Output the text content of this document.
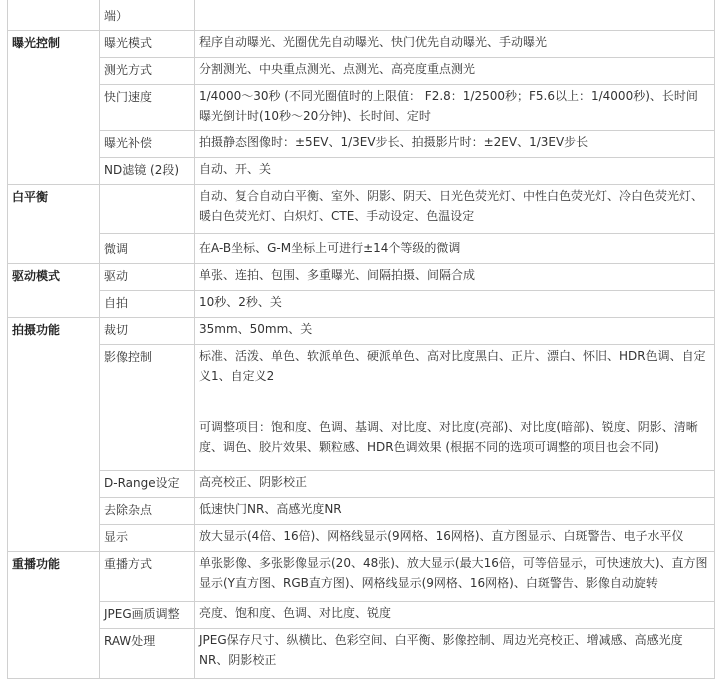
	端）	
曝光控制	曝光模式	程序自动曝光、光圈优先自动曝光、快门优先自动曝光、手动曝光
	测光方式	分割测光、中央重点测光、点测光、高亮度重点测光
	快门速度	1/4000～30秒 (不同光圈值时的上限值： F2.8：1/2500秒；F5.6以上：1/4000秒)、长时间曝光倒计时(10秒～20分钟)、长时间、定时
	曝光补偿	拍摄静态图像时：±5EV、1/3EV步长、拍摄影片时：±2EV、1/3EV步长
	ND滤镜 (2段)	自动、开、关
白平衡		自动、复合自动白平衡、室外、阴影、阴天、日光色荧光灯、中性白色荧光灯、冷白色荧光灯、暖白色荧光灯、白炽灯、CTE、手动设定、色温设定
	微调	在A-B坐标、G-M坐标上可进行±14个等级的微调
驱动模式	驱动	单张、连拍、包围、多重曝光、间隔拍摄、间隔合成
	自拍	10秒、2秒、关
拍摄功能	裁切	35mm、50mm、关
	影像控制	标准、活泼、单色、软派单色、硬派单色、高对比度黑白、正片、漂白、怀旧、HDR色调、自定义1、自定义2
可调整项目：饱和度、色调、基调、对比度、对比度(亮部)、对比度(暗部)、锐度、阴影、清晰度、调色、胶片效果、颗粒感、HDR色调效果 (根据不同的选项可调整的项目也会不同)
	D-Range设定	高亮校正、阴影校正
	去除杂点	低速快门NR、高感光度NR
	显示	放大显示(4倍、16倍)、网格线显示(9网格、16网格)、直方图显示、白斑警告、电子水平仪
重播功能	重播方式	单张影像、多张影像显示(20、48张)、放大显示(最大16倍，可等倍显示，可快速放大)、直方图显示(Y直方图、RGB直方图)、网格线显示(9网格、16网格)、白斑警告、影像自动旋转
	JPEG画质调整	亮度、饱和度、色调、对比度、锐度
	RAW处理	JPEG保存尺寸、纵横比、色彩空间、白平衡、影像控制、周边光亮校正、增减感、高感光度NR、阴影校正
